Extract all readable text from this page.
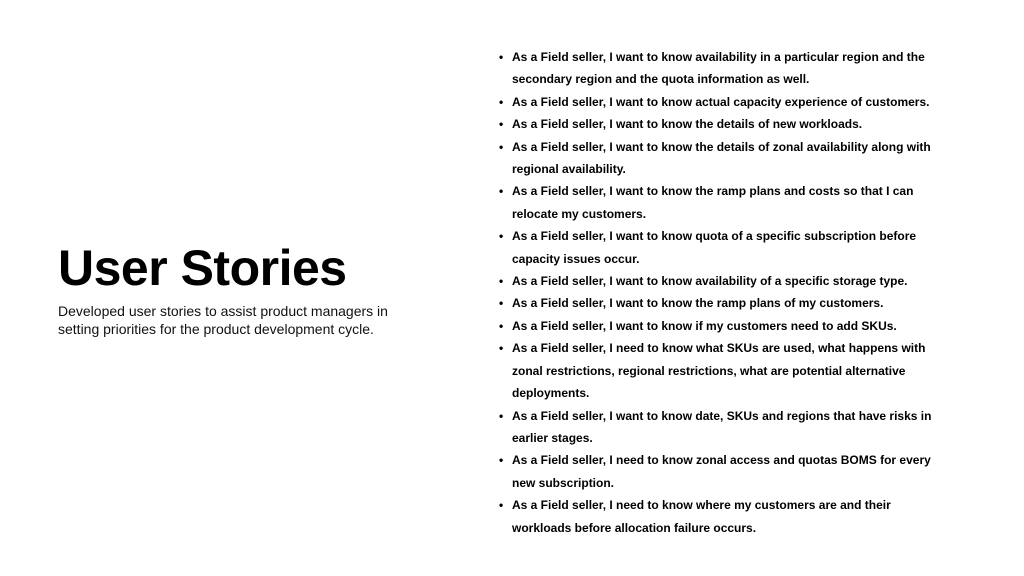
User Stories

Developed user stories to assist product managers in setting priorities for the product development cycle.

• As a Field seller, I want to know availability in a particular region and the secondary region and the quota information as well.
• As a Field seller, I want to know actual capacity experience of customers.
• As a Field seller, I want to know the details of new workloads.
• As a Field seller, I want to know the details of zonal availability along with regional availability.
• As a Field seller, I want to know the ramp plans and costs so that I can relocate my customers.
• As a Field seller, I want to know quota of a specific subscription before capacity issues occur.
• As a Field seller, I want to know availability of a specific storage type.
• As a Field seller, I want to know the ramp plans of my customers.
• As a Field seller, I want to know if my customers need to add SKUs.
• As a Field seller, I need to know what SKUs are used, what happens with zonal restrictions, regional restrictions, what are potential alternative deployments.
• As a Field seller, I want to know date, SKUs and regions that have risks in earlier stages.
• As a Field seller, I need to know zonal access and quotas BOMS for every new subscription.
• As a Field seller, I need to know where my customers are and their workloads before allocation failure occurs.
